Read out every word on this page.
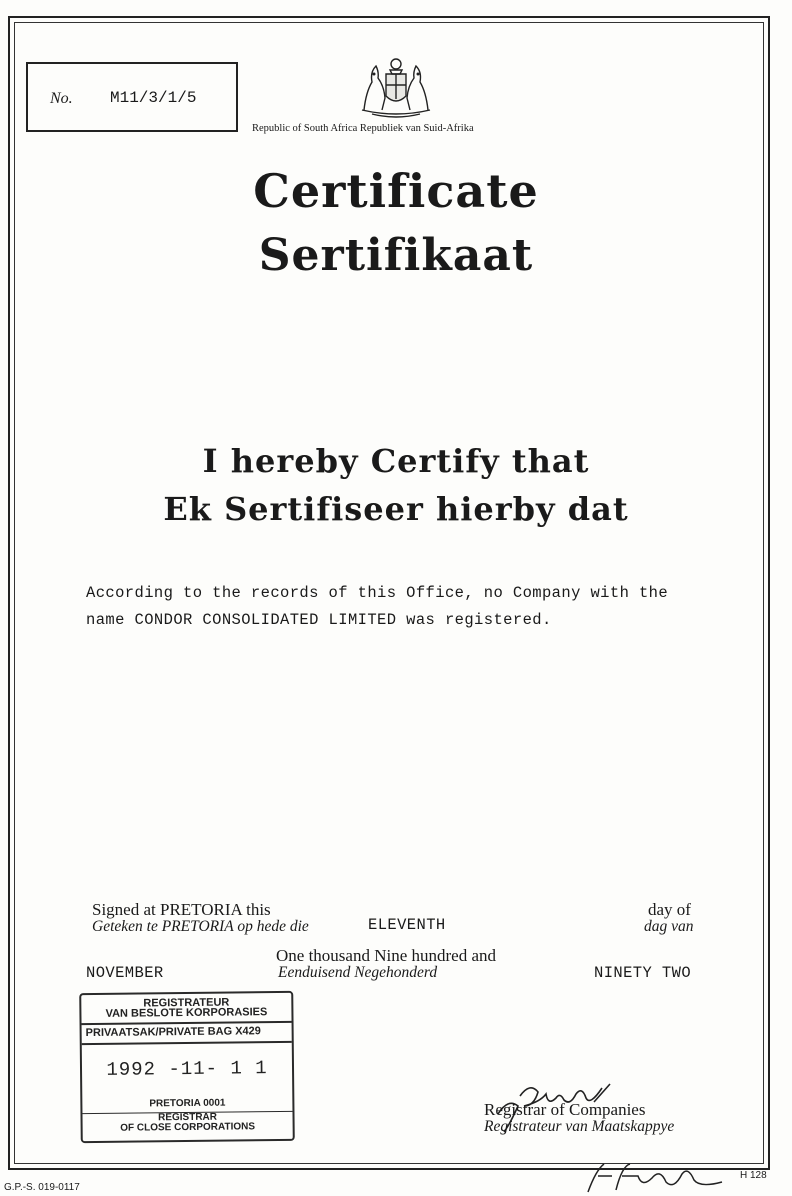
No. M11/3/1/5
Republic of South Africa Republiek van Suid-Afrika
Certificate
Sertifikaat
I hereby Certify that
Ek Sertifiseer hierby dat
According to the records of this Office, no Company with the
name CONDOR CONSOLIDATED LIMITED was registered.
Signed at PRETORIA this
Geteken te PRETORIA op hede die	ELEVENTH
day of
dag van
One thousand Nine hundred and
Eenduisend Negehonderd
NOVEMBER	NINETY TWO
REGISTRATEUR
VAN BESLOTE KORPORASIES
PRIVAATSAK/PRIVATE BAG X429
1992 -11- 1 1
PRETORIA 0001
REGISTRAR
OF CLOSE CORPORATIONS
Registrar of Companies
Registrateur van Maatskappye
G.P.-S. 019-0117
H 128
